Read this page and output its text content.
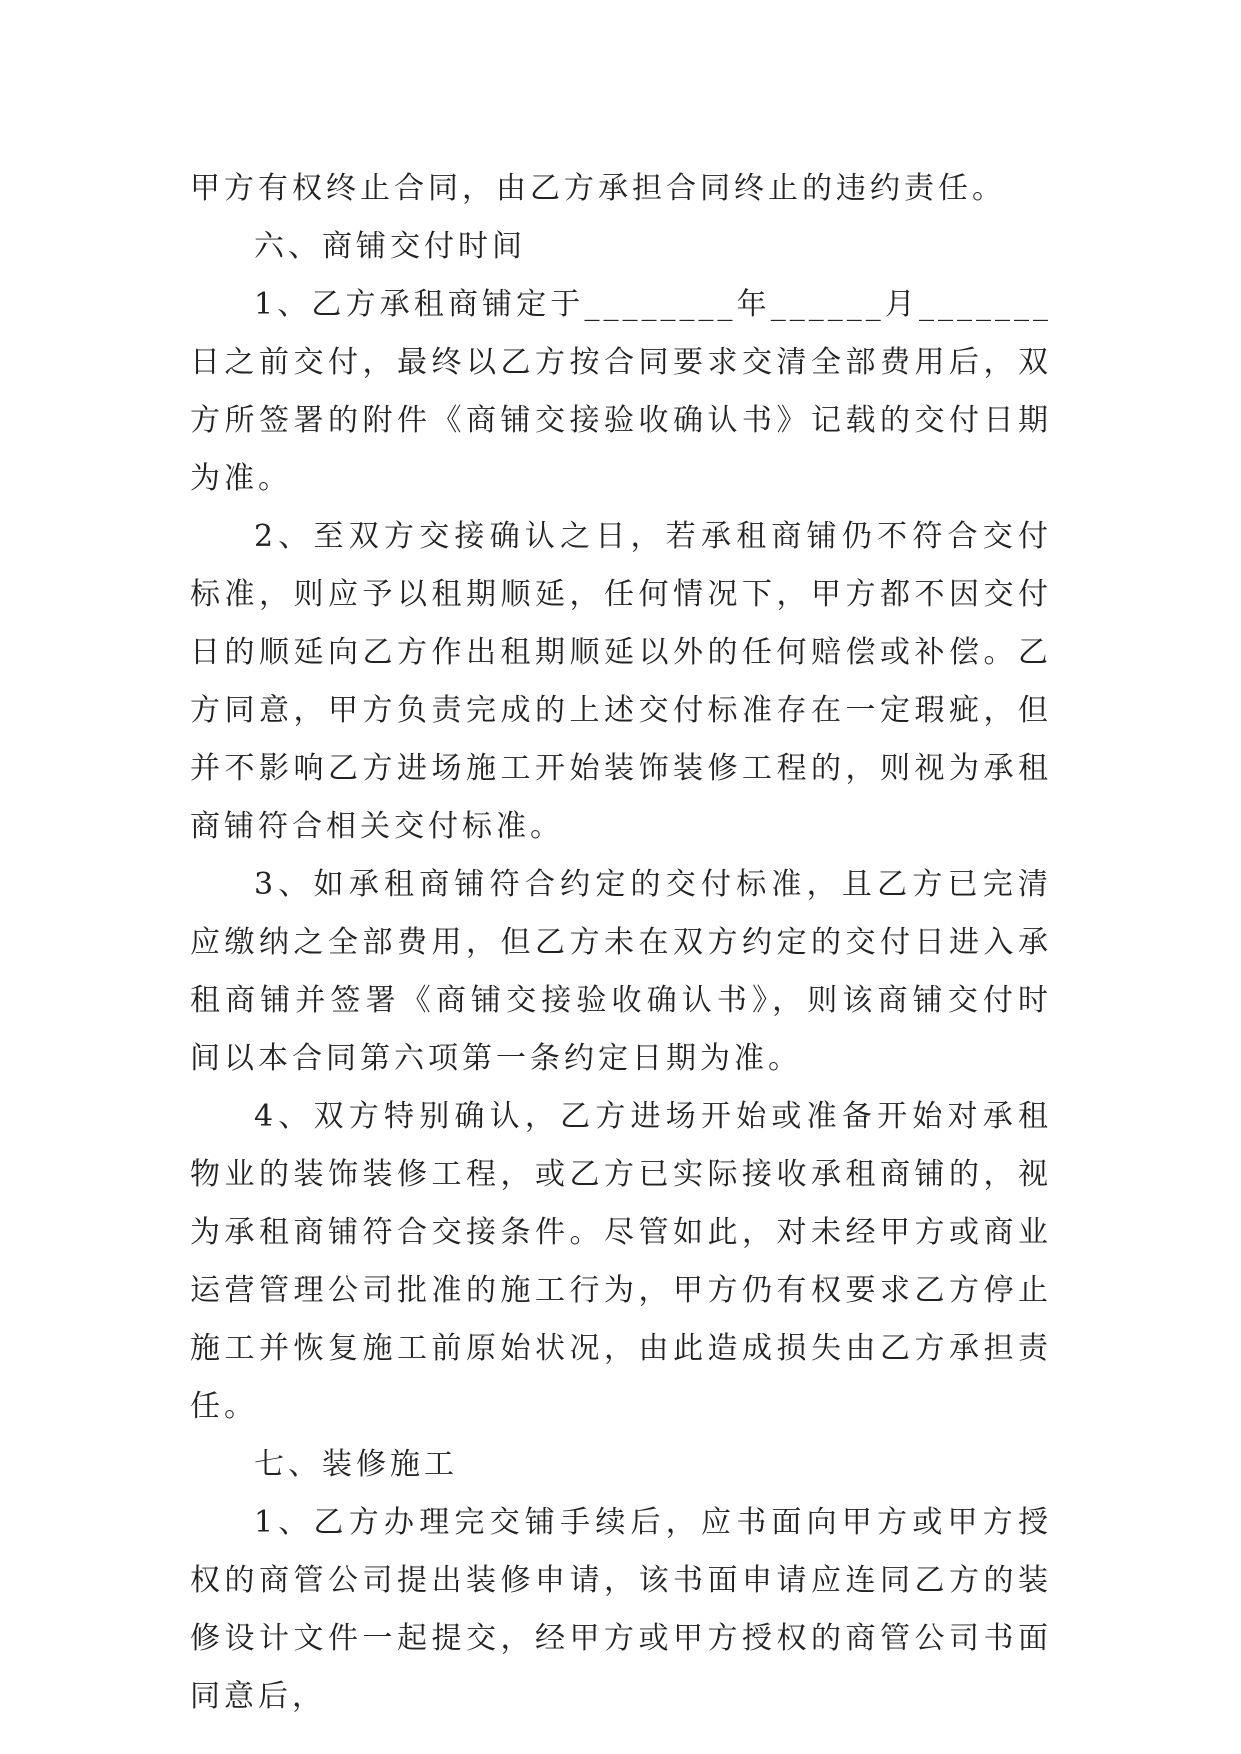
甲方有权终止合同，由乙方承担合同终止的违约责任。

六、商铺交付时间

1、乙方承租商铺定于________年______月_______日之前交付，最终以乙方按合同要求交清全部费用后，双方所签署的附件《商铺交接验收确认书》记载的交付日期为准。

2、至双方交接确认之日，若承租商铺仍不符合交付标准，则应予以租期顺延，任何情况下，甲方都不因交付日的顺延向乙方作出租期顺延以外的任何赔偿或补偿。乙方同意，甲方负责完成的上述交付标准存在一定瑕疵，但并不影响乙方进场施工开始装饰装修工程的，则视为承租商铺符合相关交付标准。

3、如承租商铺符合约定的交付标准，且乙方已完清应缴纳之全部费用，但乙方未在双方约定的交付日进入承租商铺并签署《商铺交接验收确认书》，则该商铺交付时间以本合同第六项第一条约定日期为准。

4、双方特别确认，乙方进场开始或准备开始对承租物业的装饰装修工程，或乙方已实际接收承租商铺的，视为承租商铺符合交接条件。尽管如此，对未经甲方或商业运营管理公司批准的施工行为，甲方仍有权要求乙方停止施工并恢复施工前原始状况，由此造成损失由乙方承担责任。

七、装修施工

1、乙方办理完交铺手续后，应书面向甲方或甲方授权的商管公司提出装修申请，该书面申请应连同乙方的装修设计文件一起提交，经甲方或甲方授权的商管公司书面同意后，
